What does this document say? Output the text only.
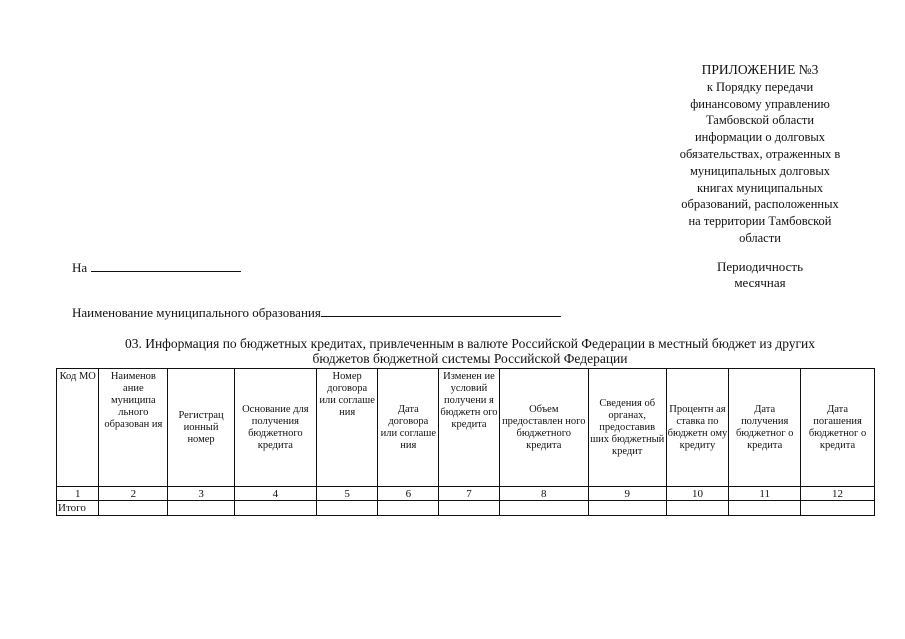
ПРИЛОЖЕНИЕ №3
к Порядку передачи
финансовому управлению
Тамбовской области
информации о долговых
обязательствах, отраженных в
муниципальных долговых
книгах муниципальных
образований, расположенных
на территории Тамбовской
области
На	Периодичность
месячная
Наименование муниципального образования
03. Информация по бюджетных кредитах, привлеченным в валюте Российской Федерации в местный бюджет из других
бюджетов бюджетной системы Российской Федерации
Код МО	Наименов ание муниципа льного образован ия	Регистрац ионный номер	Основание для получения бюджетного кредита	Номер договора или соглаше ния	Дата договора или соглаше ния	Изменен ие условий получени я бюджетн ого кредита	Объем предоставлен ного бюджетного кредита	Сведения об органах, предоставив ших бюджетный кредит	Процентн ая ставка по бюджетн ому кредиту	Дата получения бюджетног о кредита	Дата погашения бюджетног о кредита
1	2	3	4	5	6	7	8	9	10	11	12
Итого											
